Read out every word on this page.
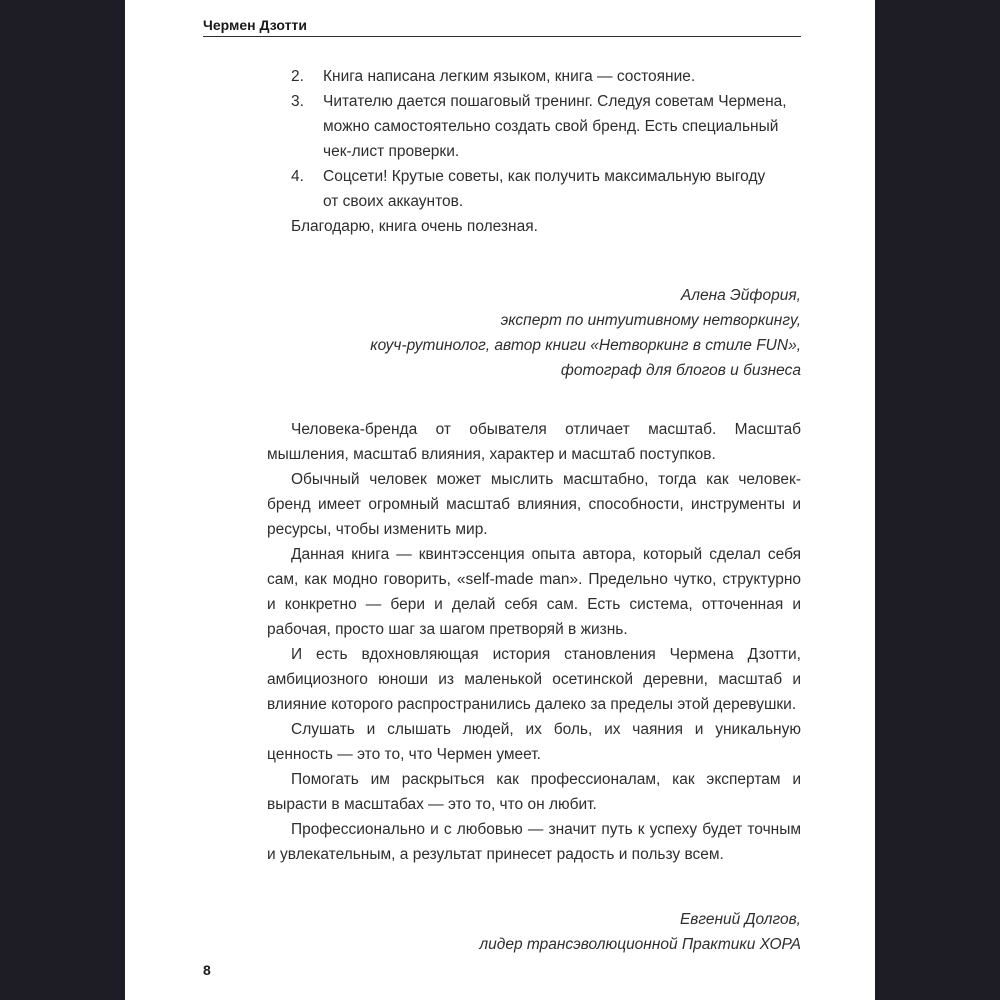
Чермен Дзотти
2. Книга написана легким языком, книга — состояние.
3. Читателю дается пошаговый тренинг. Следуя советам Чермена,
можно самостоятельно создать свой бренд. Есть специальный
чек-лист проверки.
4. Соцсети! Крутые советы, как получить максимальную выгоду
от своих аккаунтов.

Благодарю, книга очень полезная.

Алена Эйфория,

эксперт по интуитивному нетворкингу,

коуч-рутинолог, автор книги «Нетворкинг в стиле FUN»,

фотограф для блогов и бизнеса

Человека-бренда от обывателя отличает масштаб. Масштаб мышления, масштаб влияния, характер и масштаб поступков.

Обычный человек может мыслить масштабно, тогда как человек-бренд имеет огромный масштаб влияния, способности, инструменты и ресурсы, чтобы изменить мир.

Данная книга — квинтэссенция опыта автора, который сделал себя сам, как модно говорить, «self-made man». Предельно чутко, структурно и конкретно — бери и делай себя сам. Есть система, отточенная и рабочая, просто шаг за шагом претворяй в жизнь.

И есть вдохновляющая история становления Чермена Дзотти, амбициозного юноши из маленькой осетинской деревни, масштаб и влияние которого распространились далеко за пределы этой деревушки.

Слушать и слышать людей, их боль, их чаяния и уникальную ценность — это то, что Чермен умеет.

Помогать им раскрыться как профессионалам, как экспертам и вырасти в масштабах — это то, что он любит.

Профессионально и с любовью — значит путь к успеху будет точным и увлекательным, а результат принесет радость и пользу всем.

Евгений Долгов,

лидер трансэволюционной Практики ХОРА

8
